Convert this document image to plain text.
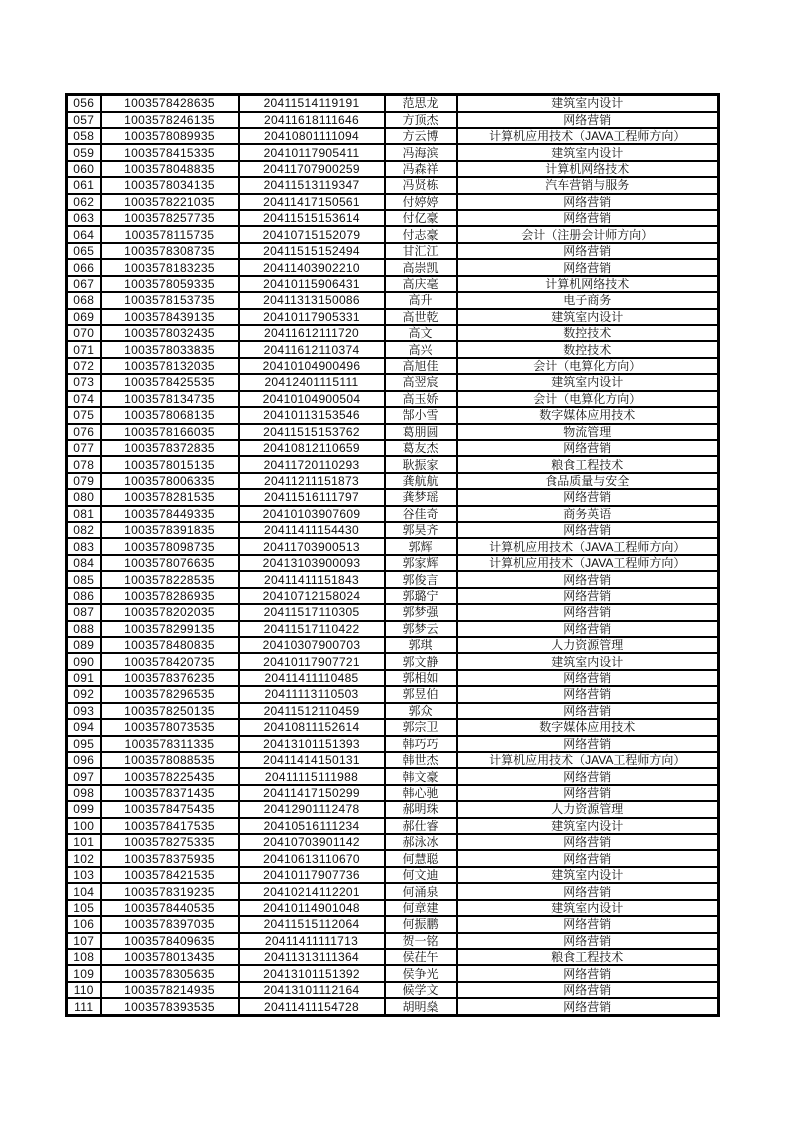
056	1003578428635	20411514119191	范思龙	建筑室内设计
057	1003578246135	20411618111646	方顶杰	网络营销
058	1003578089935	20410801111094	方云博	计算机应用技术（JAVA工程师方向）
059	1003578415335	20410117905411	冯海滨	建筑室内设计
060	1003578048835	20411707900259	冯森祥	计算机网络技术
061	1003578034135	20411513119347	冯贤栋	汽车营销与服务
062	1003578221035	20411417150561	付婷婷	网络营销
063	1003578257735	20411515153614	付亿豪	网络营销
064	1003578115735	20410715152079	付志豪	会计（注册会计师方向）
065	1003578308735	20411515152494	甘汇江	网络营销
066	1003578183235	20411403902210	高崇凯	网络营销
067	1003578059335	20410115906431	高庆毫	计算机网络技术
068	1003578153735	20411313150086	高升	电子商务
069	1003578439135	20410117905331	高世乾	建筑室内设计
070	1003578032435	20411612111720	高文	数控技术
071	1003578033835	20411612110374	高兴	数控技术
072	1003578132035	20410104900496	高旭佳	会计（电算化方向）
073	1003578425535	20412401115111	高翌宸	建筑室内设计
074	1003578134735	20410104900504	高玉娇	会计（电算化方向）
075	1003578068135	20410113153546	郜小雪	数字媒体应用技术
076	1003578166035	20411515153762	葛朋圆	物流管理
077	1003578372835	20410812110659	葛友杰	网络营销
078	1003578015135	20411720110293	耿振家	粮食工程技术
079	1003578006335	20411211151873	龚航航	食品质量与安全
080	1003578281535	20411516111797	龚梦瑶	网络营销
081	1003578449335	20410103907609	谷佳奇	商务英语
082	1003578391835	20411411154430	郭昊齐	网络营销
083	1003578098735	20411703900513	郭辉	计算机应用技术（JAVA工程师方向）
084	1003578076635	20413103900093	郭家辉	计算机应用技术（JAVA工程师方向）
085	1003578228535	20411411151843	郭俊言	网络营销
086	1003578286935	20410712158024	郭璐宁	网络营销
087	1003578202035	20411517110305	郭梦强	网络营销
088	1003578299135	20411517110422	郭梦云	网络营销
089	1003578480835	20410307900703	郭琪	人力资源管理
090	1003578420735	20410117907721	郭文静	建筑室内设计
091	1003578376235	20411411110485	郭相如	网络营销
092	1003578296535	20411113110503	郭昱伯	网络营销
093	1003578250135	20411512110459	郭众	网络营销
094	1003578073535	20410811152614	郭宗卫	数字媒体应用技术
095	1003578311335	20413101151393	韩巧巧	网络营销
096	1003578088535	20411414150131	韩世杰	计算机应用技术（JAVA工程师方向）
097	1003578225435	20411115111988	韩文豪	网络营销
098	1003578371435	20411417150299	韩心驰	网络营销
099	1003578475435	20412901112478	郝明珠	人力资源管理
100	1003578417535	20410516111234	郝仕睿	建筑室内设计
101	1003578275335	20410703901142	郝泳冰	网络营销
102	1003578375935	20410613110670	何慧聪	网络营销
103	1003578421535	20410117907736	何文迪	建筑室内设计
104	1003578319235	20410214112201	何涌泉	网络营销
105	1003578440535	20410114901048	何章建	建筑室内设计
106	1003578397035	20411515112064	何振鹏	网络营销
107	1003578409635	20411411111713	贺一铭	网络营销
108	1003578013435	20411313111364	侯茌午	粮食工程技术
109	1003578305635	20413101151392	侯争光	网络营销
110	1003578214935	20413101112164	候学文	网络营销
111	1003578393535	20411411154728	胡明燊	网络营销
